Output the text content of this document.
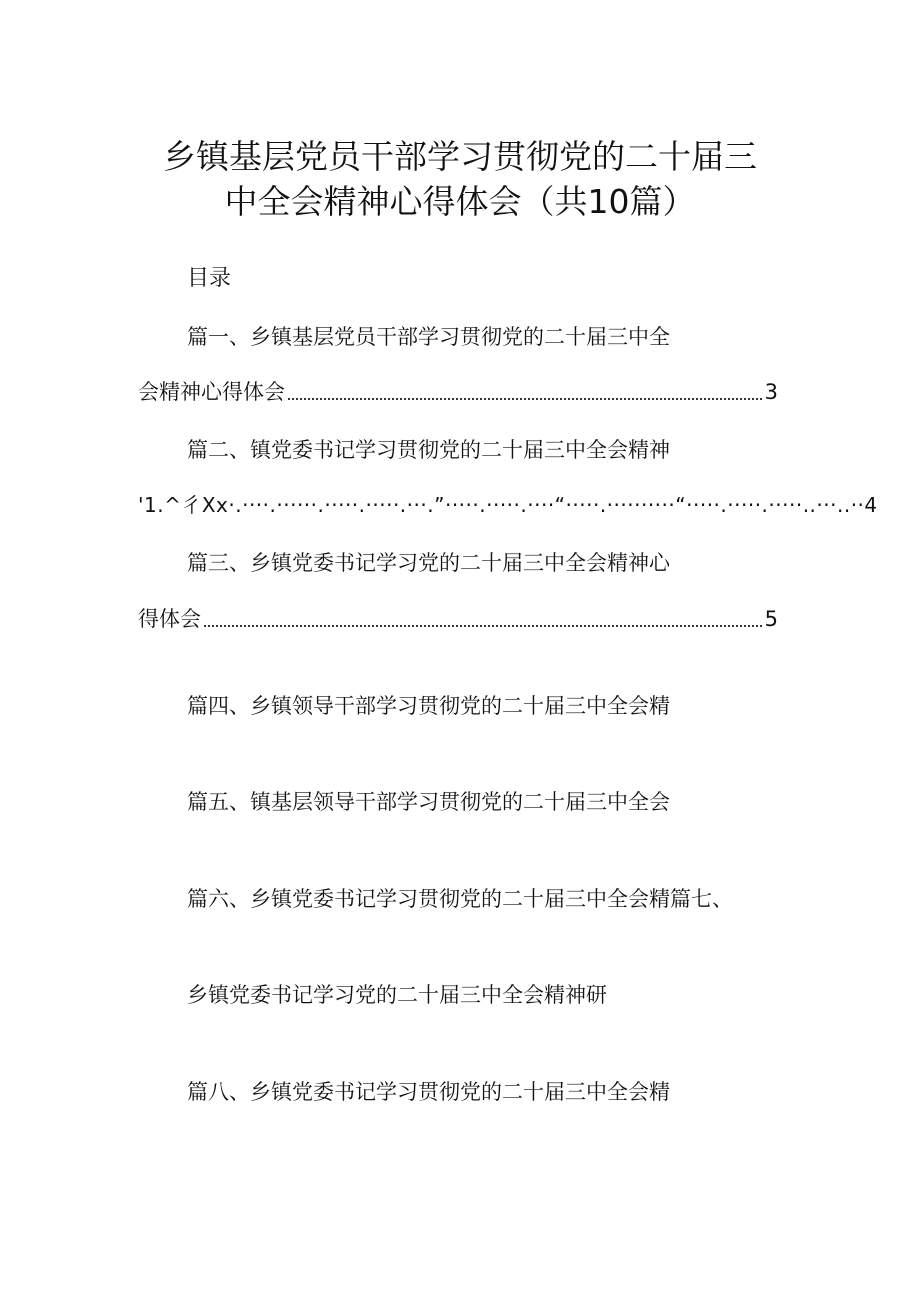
乡镇基层党员干部学习贯彻党的二十届三
中全会精神心得体会（共10篇）
目录
篇一、乡镇基层党员干部学习贯彻党的二十届三中全
会精神心得体会	3
篇二、镇党委书记学习贯彻党的二十届三中全会精神
'1.^彳Xx·.····.······.·····.·····.···.”·····.·····.····“·····.··········“·····.·····.·····..···..··4
篇三、乡镇党委书记学习党的二十届三中全会精神心
得体会	5
篇四、乡镇领导干部学习贯彻党的二十届三中全会精
篇五、镇基层领导干部学习贯彻党的二十届三中全会
篇六、乡镇党委书记学习贯彻党的二十届三中全会精篇七、
乡镇党委书记学习党的二十届三中全会精神研
篇八、乡镇党委书记学习贯彻党的二十届三中全会精
